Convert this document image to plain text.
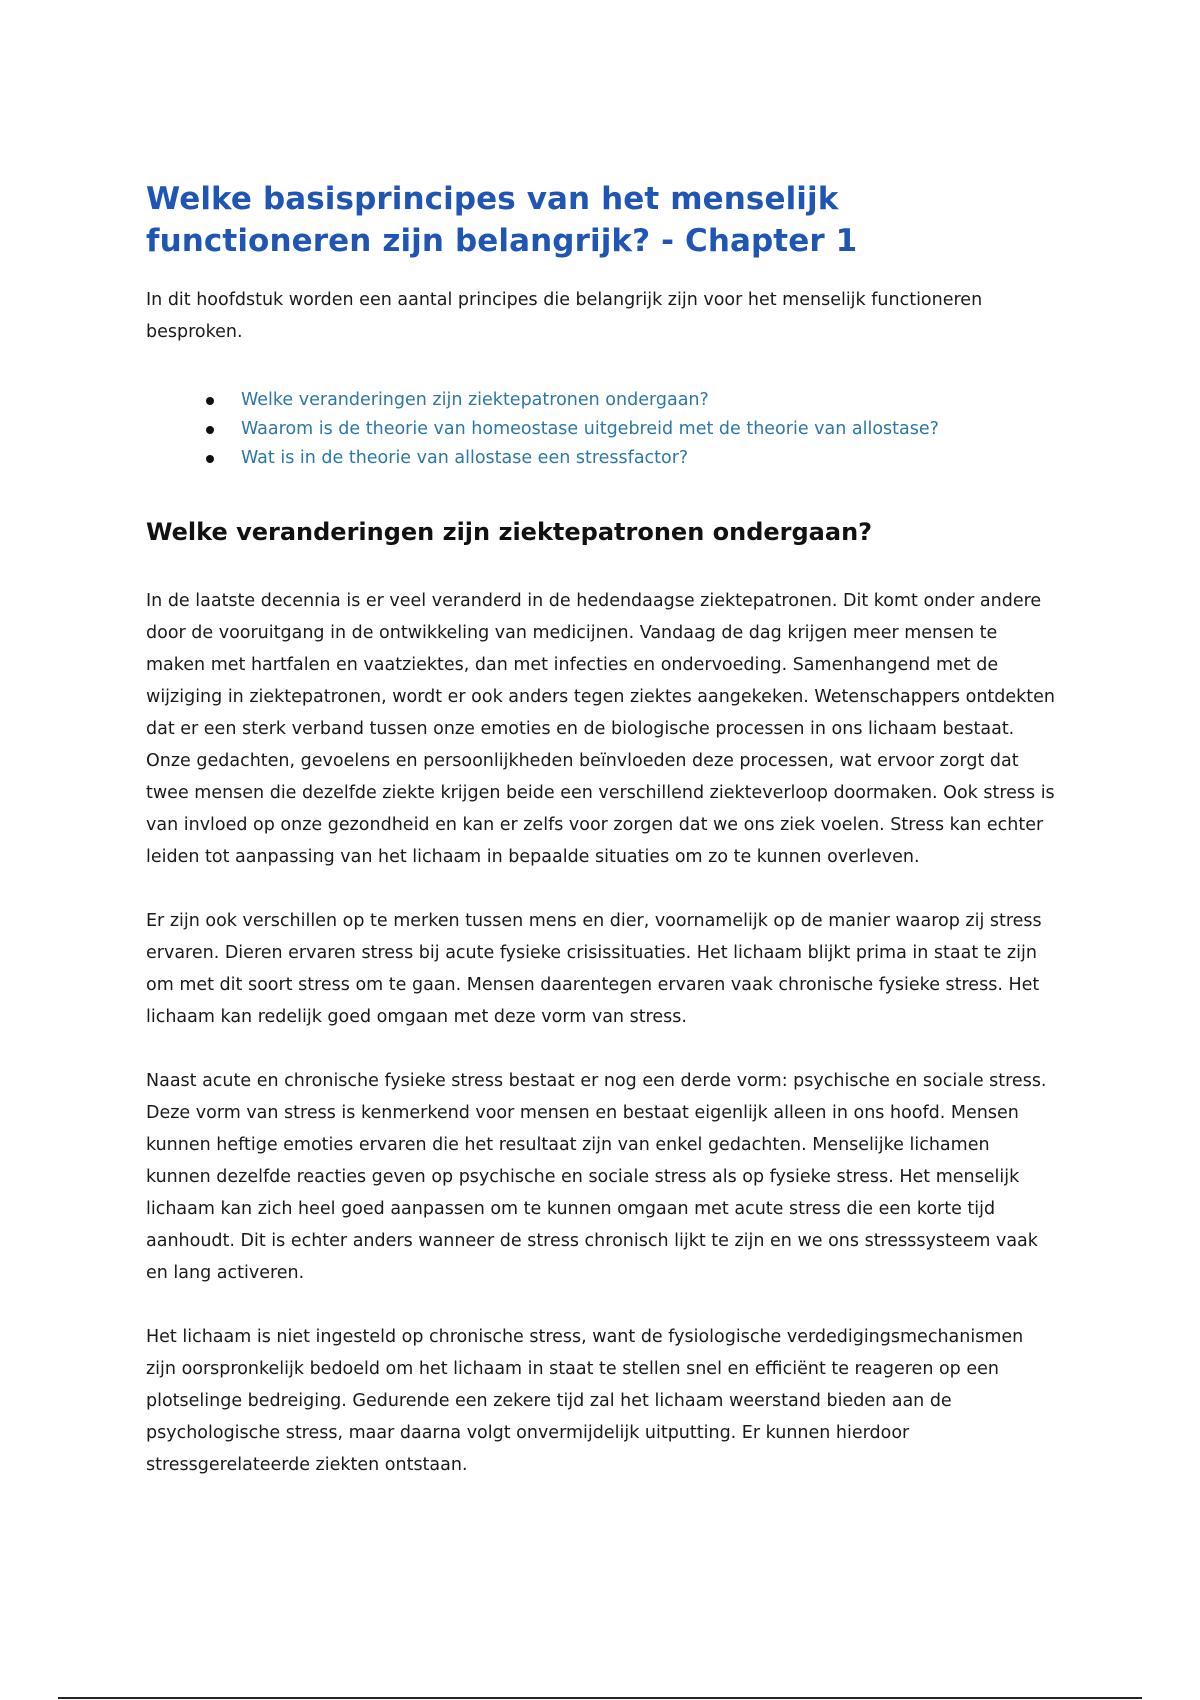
Welke basisprincipes van het menselijk functioneren zijn belangrijk? - Chapter 1

In dit hoofdstuk worden een aantal principes die belangrijk zijn voor het menselijk functioneren besproken.

Welke veranderingen zijn ziektepatronen ondergaan?
Waarom is de theorie van homeostase uitgebreid met de theorie van allostase?
Wat is in de theorie van allostase een stressfactor?
Welke veranderingen zijn ziektepatronen ondergaan?

In de laatste decennia is er veel veranderd in de hedendaagse ziektepatronen. Dit komt onder andere door de vooruitgang in de ontwikkeling van medicijnen. Vandaag de dag krijgen meer mensen te maken met hartfalen en vaatziektes, dan met infecties en ondervoeding. Samenhangend met de wijziging in ziektepatronen, wordt er ook anders tegen ziektes aangekeken. Wetenschappers ontdekten dat er een sterk verband tussen onze emoties en de biologische processen in ons lichaam bestaat. Onze gedachten, gevoelens en persoonlijkheden beïnvloeden deze processen, wat ervoor zorgt dat twee mensen die dezelfde ziekte krijgen beide een verschillend ziekteverloop doormaken. Ook stress is van invloed op onze gezondheid en kan er zelfs voor zorgen dat we ons ziek voelen. Stress kan echter leiden tot aanpassing van het lichaam in bepaalde situaties om zo te kunnen overleven.

Er zijn ook verschillen op te merken tussen mens en dier, voornamelijk op de manier waarop zij stress ervaren. Dieren ervaren stress bij acute fysieke crisissituaties. Het lichaam blijkt prima in staat te zijn om met dit soort stress om te gaan. Mensen daarentegen ervaren vaak chronische fysieke stress. Het lichaam kan redelijk goed omgaan met deze vorm van stress.

Naast acute en chronische fysieke stress bestaat er nog een derde vorm: psychische en sociale stress. Deze vorm van stress is kenmerkend voor mensen en bestaat eigenlijk alleen in ons hoofd. Mensen kunnen heftige emoties ervaren die het resultaat zijn van enkel gedachten. Menselijke lichamen kunnen dezelfde reacties geven op psychische en sociale stress als op fysieke stress. Het menselijk lichaam kan zich heel goed aanpassen om te kunnen omgaan met acute stress die een korte tijd aanhoudt. Dit is echter anders wanneer de stress chronisch lijkt te zijn en we ons stresssysteem vaak en lang activeren.

Het lichaam is niet ingesteld op chronische stress, want de fysiologische verdedigingsmechanismen zijn oorspronkelijk bedoeld om het lichaam in staat te stellen snel en efficiënt te reageren op een plotselinge bedreiging. Gedurende een zekere tijd zal het lichaam weerstand bieden aan de psychologische stress, maar daarna volgt onvermijdelijk uitputting. Er kunnen hierdoor stressgerelateerde ziekten ontstaan.
